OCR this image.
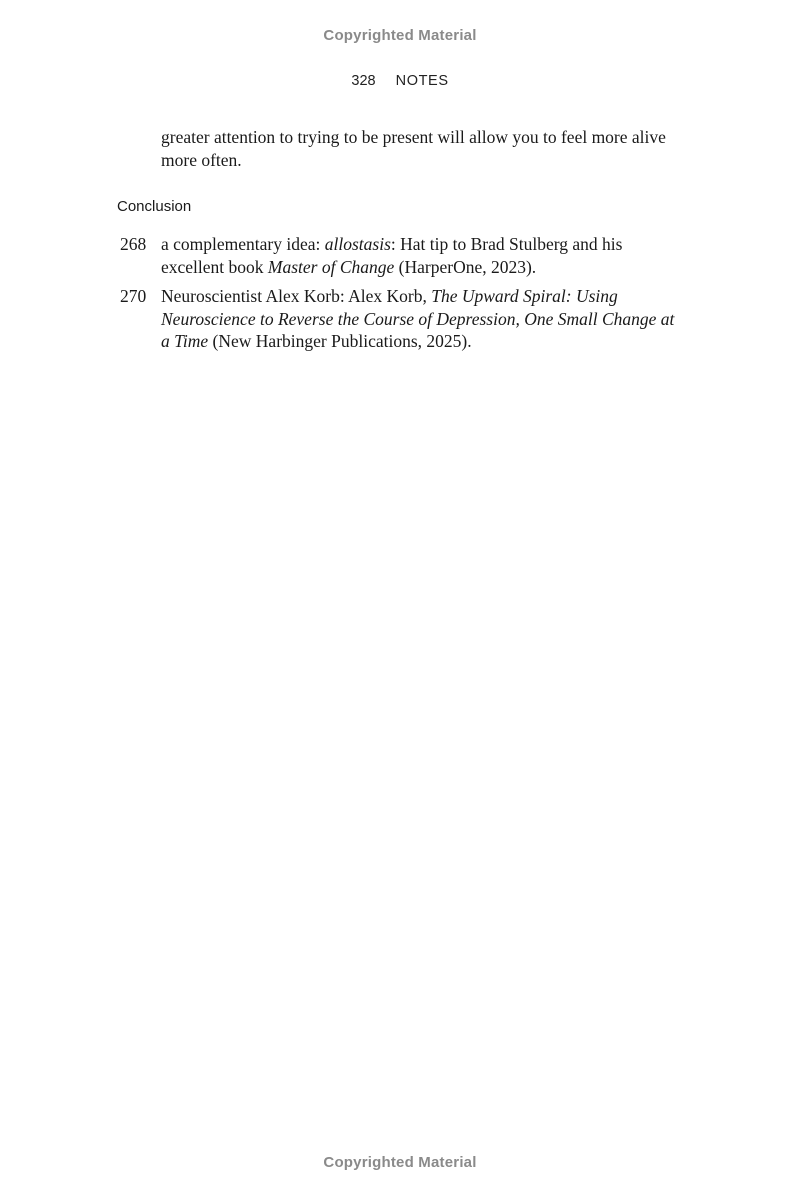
Copyrighted Material
328 NOTES
greater attention to trying to be present will allow you to feel more alive more often.
Conclusion
268 a complementary idea: allostasis: Hat tip to Brad Stulberg and his excellent book Master of Change (HarperOne, 2023).
270 Neuroscientist Alex Korb: Alex Korb, The Upward Spiral: Using Neuroscience to Reverse the Course of Depression, One Small Change at a Time (New Harbinger Publications, 2025).
Copyrighted Material
